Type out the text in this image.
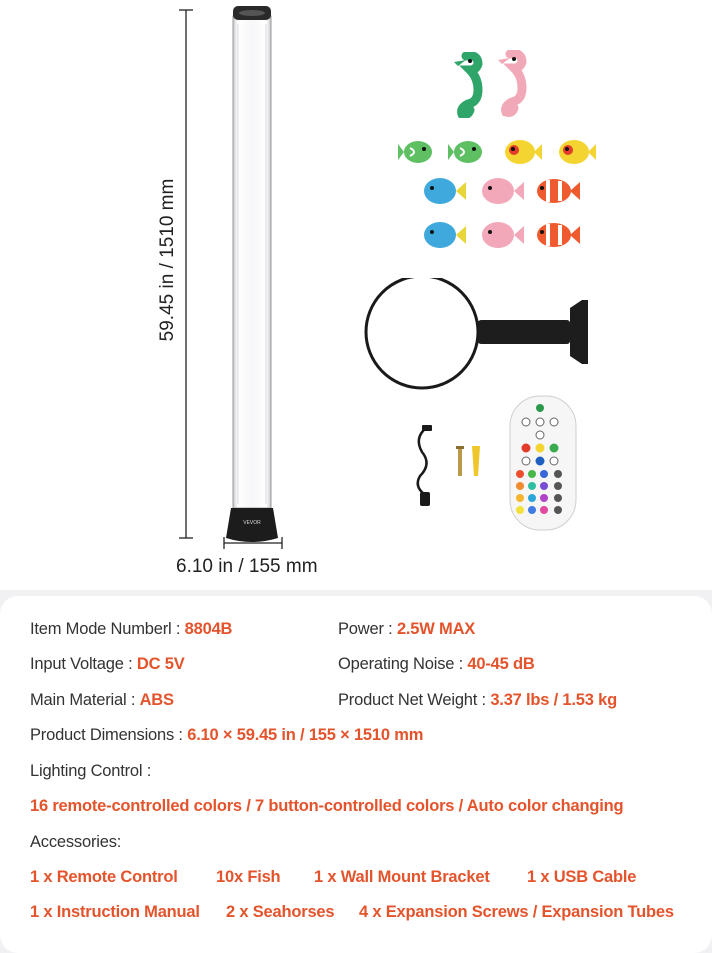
59.45 in / 1510 mm
6.10 in / 155 mm
VEVOR
Item Mode Numberl : 8804B	Power : 2.5W MAX
Input Voltage : DC 5V	Operating Noise : 40-45 dB
Main Material : ABS	Product Net Weight : 3.37 lbs / 1.53 kg
Product Dimensions : 6.10 × 59.45 in / 155 × 1510 mm
Lighting Control :
16 remote-controlled colors / 7 button-controlled colors / Auto color changing
Accessories:
1 x Remote Control 10x Fish 1 x Wall Mount Bracket 1 x USB Cable
1 x Instruction Manual 2 x Seahorses 4 x Expansion Screws / Expansion Tubes
